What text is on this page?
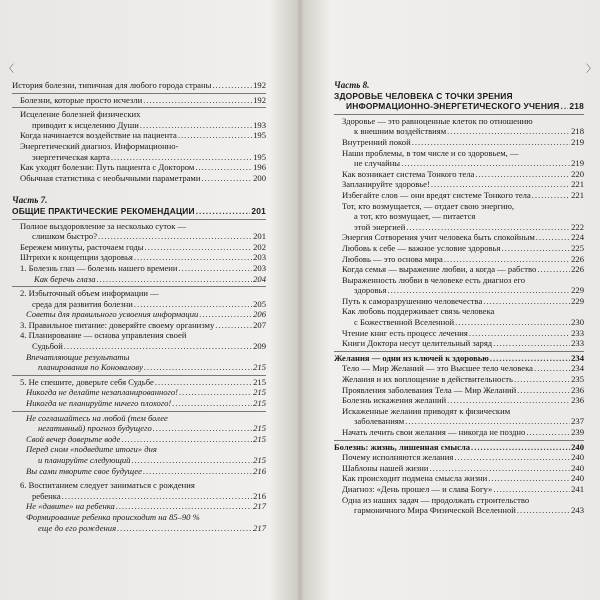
〈	〉
История болезни, типичная для любого города страны .....	192
Болезни, которые просто исчезли .....	192
Исцеление болезней физических
приводит к исцелению Души .....	193
Когда начинается воздействие на пациента .....	195
Энергетический диагноз. Информационно-
энергетическая карта .....	195
Как уходят болезни: Путь пациента с Доктором .....	196
Обычная статистика с необычными параметрами .....	200
Часть 7.
ОБЩИЕ ПРАКТИЧЕСКИЕ РЕКОМЕНДАЦИИ .....	201
Полное выздоровление за несколько суток —
слишком быстро? .....	201
Бережем минуты, расточаем годы .....	202
Штрихи к концепции здоровья .....	203
1. Болезнь глаз — болезнь нашего времени .....	203
Как беречь глаза .....	204
2. Избыточный объем информации —
среда для развития болезни .....	205
Советы для правильного усвоения информации .....	206
3. Правильное питание: доверяйте своему организму .....	207
4. Планирование — основа управления своей
Судьбой .....	209
Впечатляющие результаты
планирования по Коновалову .....	215
5. Не спешите, доверьте себя Судьбе .....	215
Никогда не делайте незапланированного! .....	215
Никогда не планируйте ничего плохого! .....	215
Не соглашайтесь на любой (тем более
негативный) прогноз будущего .....	215
Свой вечер доверьте воде .....	215
Перед сном «подведите итоги» дня
и планируйте следующий .....	215
Вы сами творите свое будущее .....	216
6. Воспитанием следует заниматься с рождения
ребенка .....	216
Не «давите» на ребенка .....	217
Формирование ребенка происходит на 85–90 %
еще до его рождения .....	217
Часть 8.
ЗДОРОВЬЕ ЧЕЛОВЕКА С ТОЧКИ ЗРЕНИЯ
ИНФОРМАЦИОННО-ЭНЕРГЕТИЧЕСКОГО УЧЕНИЯ ..... 218
Здоровье — это равноценные клеток по отношению
к внешним воздействиям .....	218
Внутренний покой .....	219
Наши проблемы, в том числе и со здоровьем, —
не случайны .....	219
Как возникает система Тонкого тела .....	220
Запланируйте здоровье! .....	221
Избегайте слов — они вредят системе Тонкого тела .....	221
Тот, кто возмущается, — отдает свою энергию,
а тот, кто возмущает, — питается
этой энергией .....	222
Энергия Сотворения учит человека быть спокойным .....	224
Любовь к себе — важное условие здоровья .....	225
Любовь — это основа мира .....	226
Когда семья — выражение любви, а когда — рабство .....	226
Выраженность любви в человеке есть диагноз его
здоровья .....	229
Путь к саморазрушению человечества .....	229
Как любовь поддерживает связь человека
с Божественной Вселенной .....	230
Чтение книг есть процесс лечения .....	233
Книги Доктора несут целительный заряд .....	233
Желания — одни из ключей к здоровью .....	234
Тело — Мир Желаний — это Высшее тело человека .....	234
Желания и их воплощение в действительность .....	235
Проявления заболевания Тела — Мир Желаний .....	236
Болезнь искажения желаний .....	236
Искаженные желания приводят к физическим
заболеваниям .....	237
Начать лечить свои желания — никогда не поздно .....	239
Болезнь: жизнь, лишенная смысла .....	240
Почему исполняются желания .....	240
Шаблоны нашей жизни .....	240
Как происходит подмена смысла жизни .....	240
Диагноз: «День прошел — и слава Богу» .....	241
Одна из наших задач — продолжать строительство
гармоничного Мира Физической Вселенной .....	243
